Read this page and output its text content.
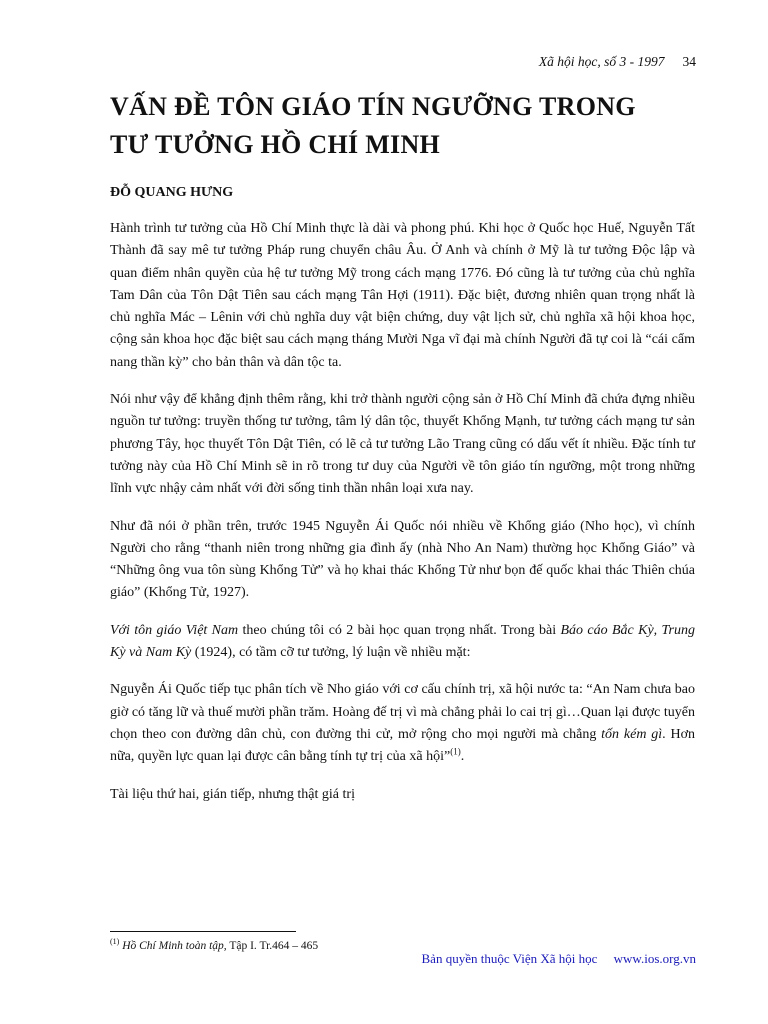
Xã hội học, số 3 - 1997 34
VẤN ĐỀ TÔN GIÁO TÍN NGƯỠNG TRONG
TƯ TƯỞNG HỒ CHÍ MINH

ĐỖ QUANG HƯNG

Hành trình tư tưởng của Hồ Chí Minh thực là dài và phong phú. Khi học ở Quốc học Huế, Nguyễn Tất Thành đã say mê tư tưởng Pháp rung chuyển châu Âu. Ở Anh và chính ở Mỹ là tư tưởng Độc lập và quan điểm nhân quyền của hệ tư tưởng Mỹ trong cách mạng 1776. Đó cũng là tư tưởng của chủ nghĩa Tam Dân của Tôn Dật Tiên sau cách mạng Tân Hợi (1911). Đặc biệt, đương nhiên quan trọng nhất là chủ nghĩa Mác – Lênin với chủ nghĩa duy vật biện chứng, duy vật lịch sử, chủ nghĩa xã hội khoa học, cộng sản khoa học đặc biệt sau cách mạng tháng Mười Nga vĩ đại mà chính Người đã tự coi là “cái cẩm nang thần kỳ” cho bản thân và dân tộc ta.

Nói như vậy để khẳng định thêm rằng, khi trở thành người cộng sản ở Hồ Chí Minh đã chứa đựng nhiều nguồn tư tưởng: truyền thống tư tưởng, tâm lý dân tộc, thuyết Khổng Mạnh, tư tưởng cách mạng tư sản phương Tây, học thuyết Tôn Dật Tiên, có lẽ cả tư tưởng Lão Trang cũng có dấu vết ít nhiều. Đặc tính tư tưởng này của Hồ Chí Minh sẽ in rõ trong tư duy của Người về tôn giáo tín ngưỡng, một trong những lĩnh vực nhậy cảm nhất với đời sống tinh thần nhân loại xưa nay.

Như đã nói ở phần trên, trước 1945 Nguyễn Ái Quốc nói nhiều về Khổng giáo (Nho học), vì chính Người cho rằng “thanh niên trong những gia đình ấy (nhà Nho An Nam) thường học Khổng Giáo” và “Những ông vua tôn sùng Khổng Tử” và họ khai thác Khổng Tử như bọn đế quốc khai thác Thiên chúa giáo” (Khổng Tử, 1927).

Với tôn giáo Việt Nam theo chúng tôi có 2 bài học quan trọng nhất. Trong bài Báo cáo Bắc Kỳ, Trung Kỳ và Nam Kỳ (1924), có tầm cỡ tư tưởng, lý luận về nhiều mặt:

Nguyễn Ái Quốc tiếp tục phân tích về Nho giáo với cơ cấu chính trị, xã hội nước ta: “An Nam chưa bao giờ có tăng lữ và thuế mười phần trăm. Hoàng đế trị vì mà chẳng phải lo cai trị gì…Quan lại được tuyển chọn theo con đường dân chủ, con đường thi cử, mở rộng cho mọi người mà chẳng tốn kém gì. Hơn nữa, quyền lực quan lại được cân bằng tính tự trị của xã hội”$^{(1)}$.

Tài liệu thứ hai, gián tiếp, nhưng thật giá trị

$^{(1)}$ Hồ Chí Minh toàn tập, Tập I. Tr.464 – 465

Bản quyền thuộc Viện Xã hội học www.ios.org.vn
